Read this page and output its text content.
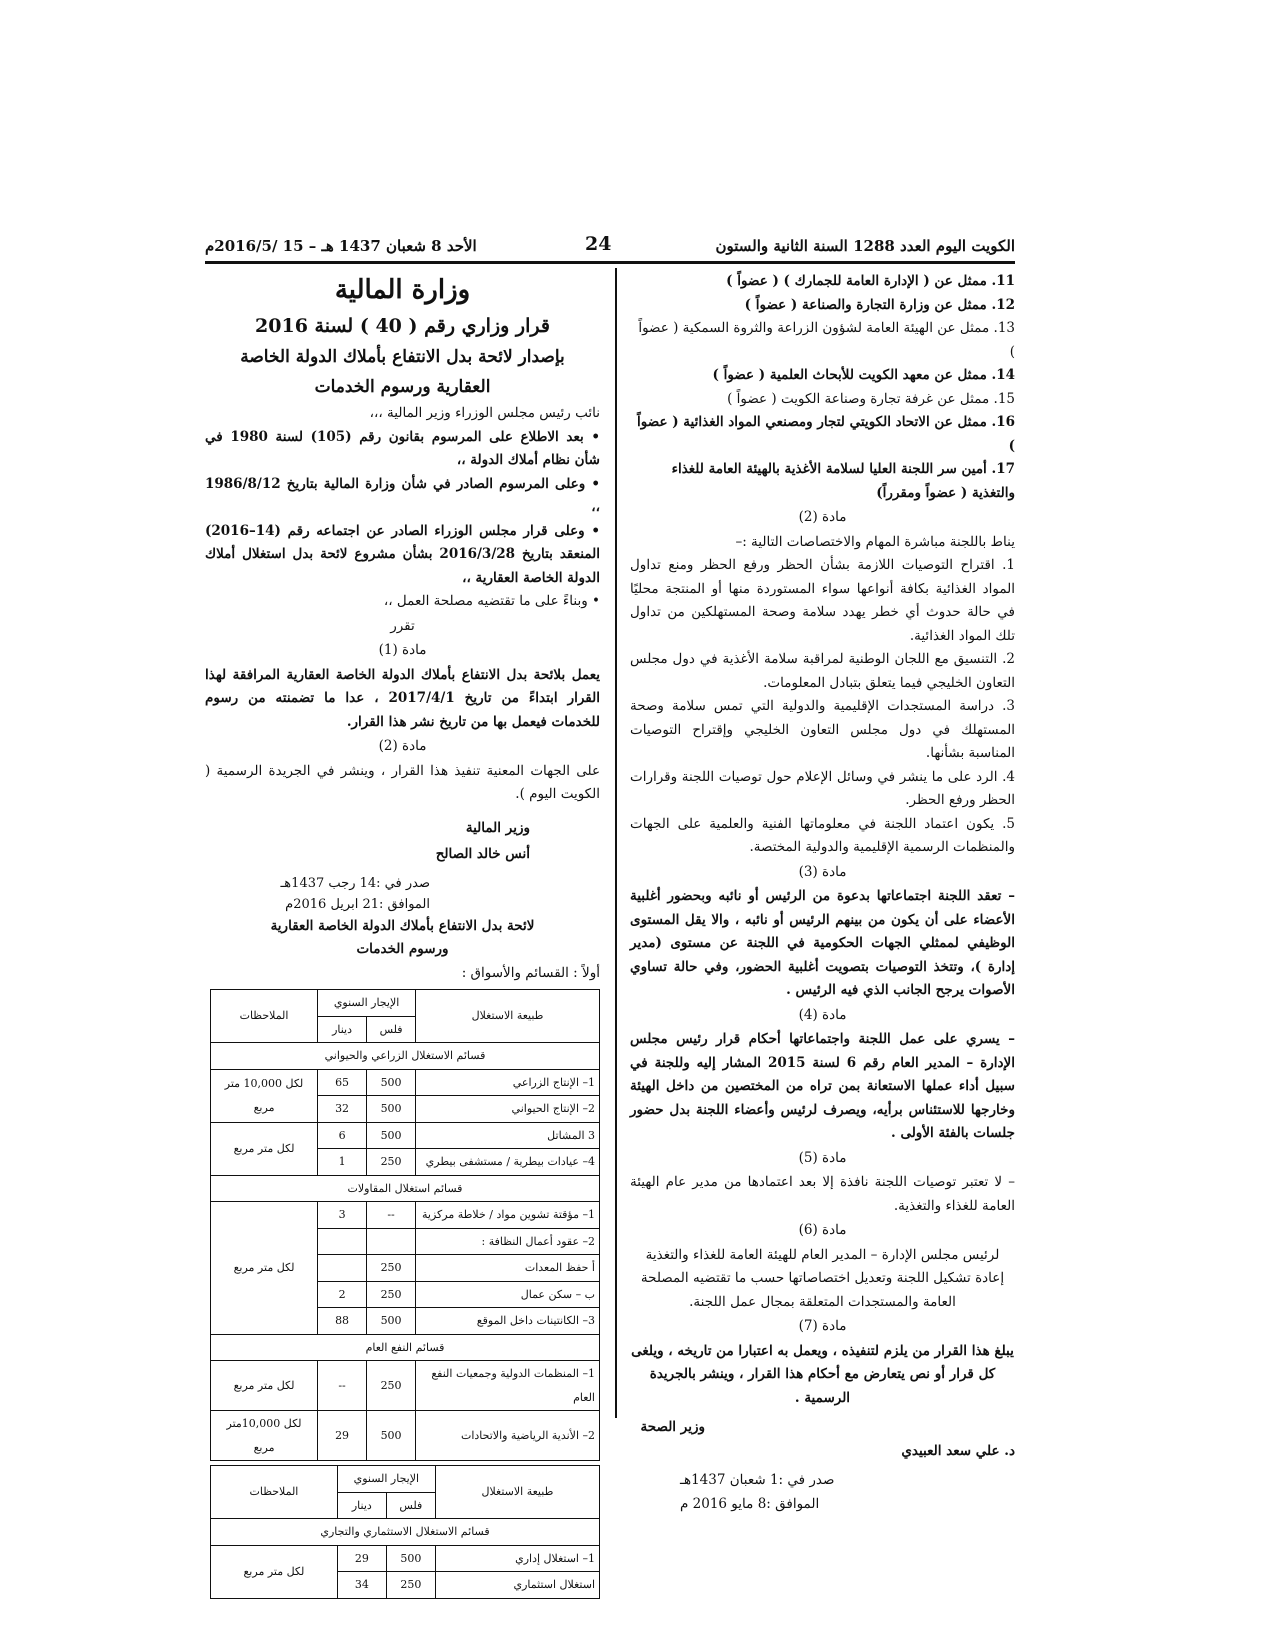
الكويت اليوم العدد 1288 السنة الثانية والستون
24
الأحد 8 شعبان 1437 هـ – 15 /2016/5م

11. ممثل عن ( الإدارة العامة للجمارك ) ( عضواً )

12. ممثل عن وزارة التجارة والصناعة ( عضواً )

13. ممثل عن الهيئة العامة لشؤون الزراعة والثروة السمكية ( عضواً )

14. ممثل عن معهد الكويت للأبحاث العلمية ( عضواً )

15. ممثل عن غرفة تجارة وصناعة الكويت ( عضواً )

16. ممثل عن الاتحاد الكويتي لتجار ومصنعي المواد الغذائية ( عضواً )

17. أمين سر اللجنة العليا لسلامة الأغذية بالهيئة العامة للغذاء والتغذية ( عضواً ومقرراً)

مادة (2)

يناط باللجنة مباشرة المهام والاختصاصات التالية :–

1. اقتراح التوصيات اللازمة بشأن الحظر ورفع الحظر ومنع تداول المواد الغذائية بكافة أنواعها سواء المستوردة منها أو المنتجة محليًا في حالة حدوث أي خطر يهدد سلامة وصحة المستهلكين من تداول تلك المواد الغذائية.

2. التنسيق مع اللجان الوطنية لمراقبة سلامة الأغذية في دول مجلس التعاون الخليجي فيما يتعلق بتبادل المعلومات.

3. دراسة المستجدات الإقليمية والدولية التي تمس سلامة وصحة المستهلك في دول مجلس التعاون الخليجي وإقتراح التوصيات المناسبة بشأنها.

4. الرد على ما ينشر في وسائل الإعلام حول توصيات اللجنة وقرارات الحظر ورفع الحظر.

5. يكون اعتماد اللجنة في معلوماتها الفنية والعلمية على الجهات والمنظمات الرسمية الإقليمية والدولية المختصة.

مادة (3)

– تعقد اللجنة اجتماعاتها بدعوة من الرئيس أو نائبه وبحضور أغلبية الأعضاء على أن يكون من بينهم الرئيس أو نائبه ، والا يقل المستوى الوظيفي لممثلي الجهات الحكومية في اللجنة عن مستوى (مدير إدارة )، وتتخذ التوصيات بتصويت أغلبية الحضور، وفي حالة تساوي الأصوات يرجح الجانب الذي فيه الرئيس .

مادة (4)

– يسري على عمل اللجنة واجتماعاتها أحكام قرار رئيس مجلس الإدارة – المدير العام رقم 6 لسنة 2015 المشار إليه وللجنة في سبيل أداء عملها الاستعانة بمن تراه من المختصين من داخل الهيئة وخارجها للاستئناس برأيه، ويصرف لرئيس وأعضاء اللجنة بدل حضور جلسات بالفئة الأولى .

مادة (5)

– لا تعتبر توصيات اللجنة نافذة إلا بعد اعتمادها من مدير عام الهيئة العامة للغذاء والتغذية.

مادة (6)

لرئيس مجلس الإدارة – المدير العام للهيئة العامة للغذاء والتغذية إعادة تشكيل اللجنة وتعديل اختصاصاتها حسب ما تقتضيه المصلحة العامة والمستجدات المتعلقة بمجال عمل اللجنة.

مادة (7)

يبلغ هذا القرار من يلزم لتنفيذه ، ويعمل به اعتبارا من تاريخه ، ويلغى كل قرار أو نص يتعارض مع أحكام هذا القرار ، وينشر بالجريدة الرسمية .

وزير الصحة

د. علي سعد العبيدي

صدر في :1 شعبان 1437هـ

الموافق :8 مايو 2016 م

وزارة المالية
قرار وزاري رقم ( 40 ) لسنة 2016
بإصدار لائحة بدل الانتفاع بأملاك الدولة الخاصة
العقارية ورسوم الخدمات

نائب رئيس مجلس الوزراء وزير المالية ،،،

• بعد الاطلاع على المرسوم بقانون رقم (105) لسنة 1980 في شأن نظام أملاك الدولة ،،

• وعلى المرسوم الصادر في شأن وزارة المالية بتاريخ 1986/8/12 ،،

• وعلى قرار مجلس الوزراء الصادر عن اجتماعه رقم (14–2016) المنعقد بتاريخ 2016/3/28 بشأن مشروع لائحة بدل استغلال أملاك الدولة الخاصة العقارية ،،

• وبناءً على ما تقتضيه مصلحة العمل ،،

تقرر

مادة (1)

يعمل بلائحة بدل الانتفاع بأملاك الدولة الخاصة العقارية المرافقة لهذا القرار ابتداءً من تاريخ 2017/4/1 ، عدا ما تضمنته من رسوم للخدمات فيعمل بها من تاريخ نشر هذا القرار.

مادة (2)

على الجهات المعنية تنفيذ هذا القرار ، وينشر في الجريدة الرسمية ( الكويت اليوم ).

وزير المالية

أنس خالد الصالح

صدر في :14 رجب 1437هـ

الموافق :21 ابريل 2016م

لائحة بدل الانتفاع بأملاك الدولة الخاصة العقارية

ورسوم الخدمات

أولاً : القسائم والأسواق :

طبيعة الاستغلال	الإيجار السنوي		الملاحظات
	فلس	دينار	
قسائم الاستغلال الزراعي والحيواني			
1– الإنتاج الزراعي	500	65	لكل 10,000 متر مربع
2– الإنتاج الحيواني	500	32	
3 المشاتل	500	6	لكل متر مربع
4– عيادات بيطرية / مستشفى بيطري	250	1	
قسائم استغلال المقاولات			
1– مؤقتة تشوين مواد / خلاطة مركزية	--	3	لكل متر مربع
2– عقود أعمال النظافة :			
أ حفظ المعدات	250		
ب – سكن عمال	250	2	
3– الكانتينات داخل الموقع	500	88	
قسائم النفع العام			
1– المنظمات الدولية وجمعيات النفع العام	250	--	لكل متر مربع
2– الأندية الرياضية والاتحادات	500	29	لكل 10,000متر مربع
طبيعة الاستغلال	الإيجار السنوي		الملاحظات
	فلس	دينار	
قسائم الاستغلال الاستثماري والتجاري			
1– استغلال إداري	500	29	لكل متر مربع
استغلال استثماري	250	34	
